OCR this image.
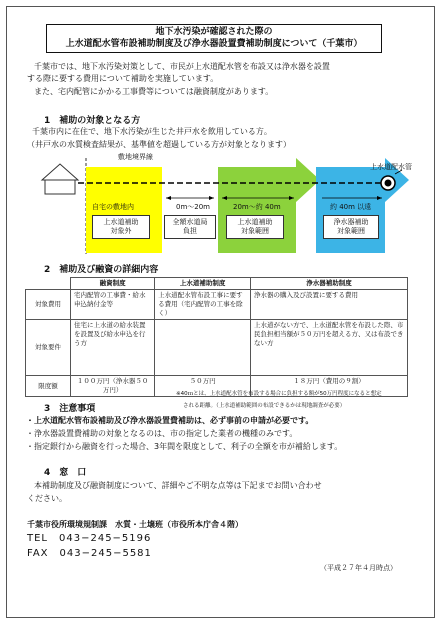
地下水汚染が確認された際の
上水道配水管布設補助制度及び浄水器設置費補助制度について（千葉市）
千葉市では、地下水汚染対策として、市民が上水道配水管を布設又は浄水器を設置
する際に要する費用について補助を実施しています。
また、宅内配管にかかる工事費等については融資制度があります。
1　補助の対象となる方
千葉市内に在住で、地下水汚染が生じた井戸水を飲用している方。
（井戸水の水質検査結果が、基準値を超過している方が対象となります）
敷地境界線
上水道配水管
自宅の敷地内
上水道補助
対象外
0m〜20m
全額水道局
負担
20m〜約 40m
上水道補助
対象範囲
約 40m 以遠
浄水器補助
対象範囲
2　補助及び融資の詳細内容
	融資制度	上水道補助制度	浄水器補助制度
対象費用	宅内配管の工事費・給水申込納付金等	上水道配水管布設工事に要する費用（宅内配管の工事を除く）	浄水器の購入及び設置に要する費用
対象要件	住宅に上水道の給水装置を設置及び給水申込を行う方		上水道がない方で、上水道配水管を布設した際、市民負担相当額が５０万円を超える方、又は布設できない方
限度額	１００万円（浄水器５０万円）	５０万円	１８万円（費用の９割）
※40ｍとは、上水道配水管を布設する場合に負担する額が50万円程度になると想定
される距離。（上水道補助範囲の布設できるかは現地調査が必要）
3　注意事項
・上水道配水管布設補助及び浄水器設置費補助は、必ず事前の申請が必要です。
・浄水器設置費補助の対象となるのは、市の指定した業者の機種のみです。
・指定銀行から融資を行った場合、3年間を限度として、利子の全額を市が補給します。
4　窓　口
本補助制度及び融資制度について、詳細やご不明な点等は下記までお問い合わせ
ください。
千葉市役所環境規制課　水質・土壌班（市役所本庁舎４階）
TEL　043−245−5196
FAX　043−245−5581
（平成２７年４月時点）
